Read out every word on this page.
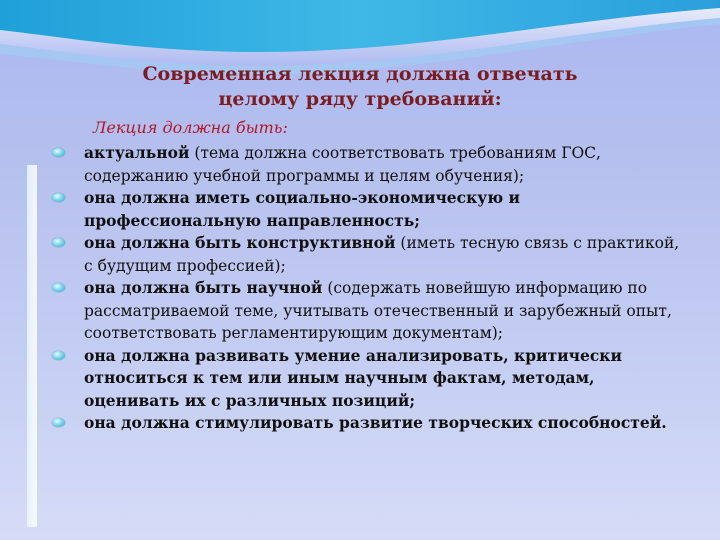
Современная лекция должна отвечать
целому ряду требований:
Лекция должна быть:
актуальной (тема должна соответствовать требованиям ГОС, содержанию учебной программы и целям обучения);
она должна иметь социально-экономическую и профессиональную направленность;
она должна быть конструктивной (иметь тесную связь с практикой, с будущим профессией);
она должна быть научной (содержать новейшую информацию по рассматриваемой теме, учитывать отечественный и зарубежный опыт, соответствовать регламентирующим документам);
она должна развивать умение анализировать, критически относиться к тем или иным научным фактам, методам, оценивать их с различных позиций;
она должна стимулировать развитие творческих способностей.
